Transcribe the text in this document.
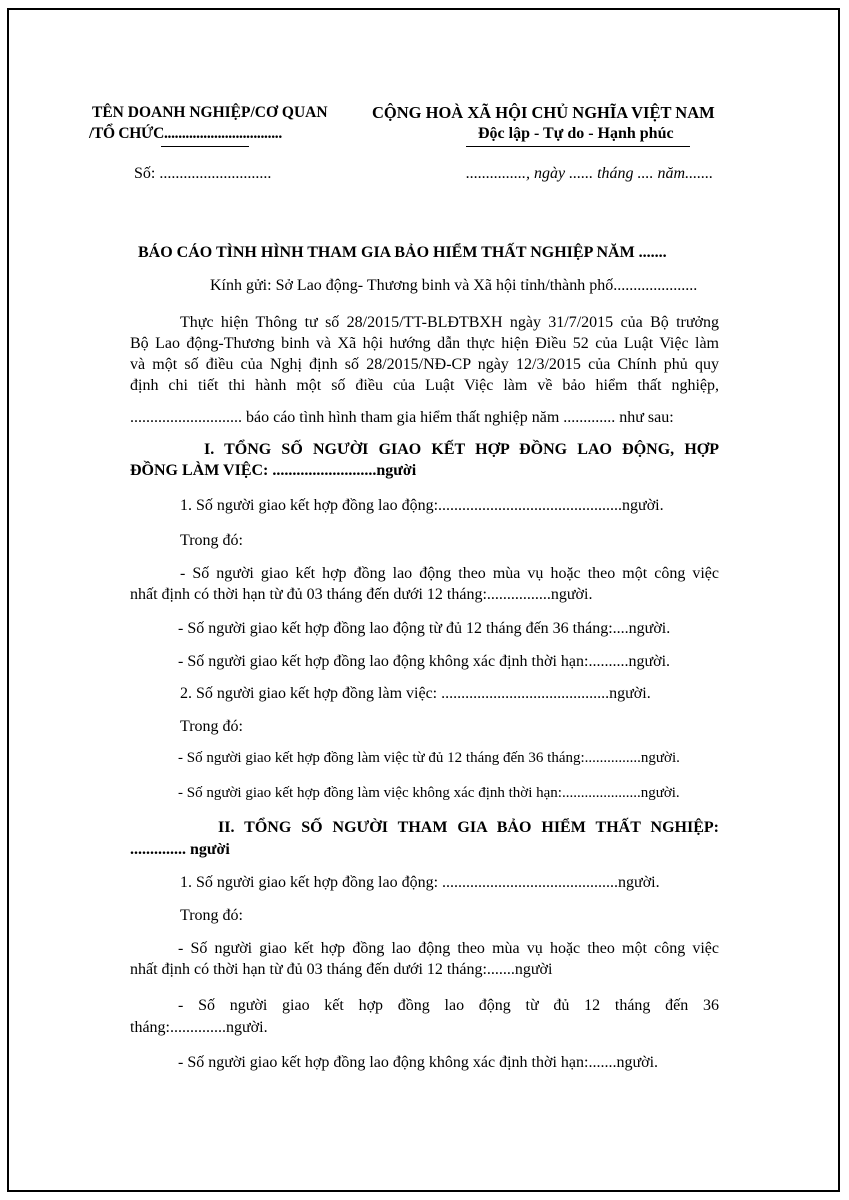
TÊN DOANH NGHIỆP/CƠ QUAN
/TỔ CHỨC.................................
CỘNG HOÀ XÃ HỘI CHỦ NGHĨA VIỆT NAM
Độc lập - Tự do - Hạnh phúc
Số: ............................	..............., ngày ...... tháng .... năm.......
BÁO CÁO TÌNH HÌNH THAM GIA BẢO HIỂM THẤT NGHIỆP NĂM .......
Kính gửi: Sở Lao động- Thương binh và Xã hội tỉnh/thành phố.....................
Thực hiện Thông tư số 28/2015/TT-BLĐTBXH ngày 31/7/2015 của Bộ trưởng
Bộ Lao động-Thương binh và Xã hội hướng dẫn thực hiện Điều 52 của Luật Việc làm
và một số điều của Nghị định số 28/2015/NĐ-CP ngày 12/3/2015 của Chính phủ quy
định chi tiết thi hành một số điều của Luật Việc làm về bảo hiểm thất nghiệp,
............................ báo cáo tình hình tham gia hiểm thất nghiệp năm ............. như sau:
I. TỔNG SỐ NGƯỜI GIAO KẾT HỢP ĐỒNG LAO ĐỘNG, HỢP
ĐỒNG LÀM VIỆC: ..........................người
1. Số người giao kết hợp đồng lao động:..............................................người.
Trong đó:
- Số người giao kết hợp đồng lao động theo mùa vụ hoặc theo một công việc
nhất định có thời hạn từ đủ 03 tháng đến dưới 12 tháng:................người.
- Số người giao kết hợp đồng lao động từ đủ 12 tháng đến 36 tháng:....người.
- Số người giao kết hợp đồng lao động không xác định thời hạn:..........người.
2. Số người giao kết hợp đồng làm việc: ..........................................người.
Trong đó:
- Số người giao kết hợp đồng làm việc từ đủ 12 tháng đến 36 tháng:...............người.
- Số người giao kết hợp đồng làm việc không xác định thời hạn:.....................người.
II. TỔNG SỐ NGƯỜI THAM GIA BẢO HIỂM THẤT NGHIỆP:
.............. người
1. Số người giao kết hợp đồng lao động: ............................................người.
Trong đó:
- Số người giao kết hợp đồng lao động theo mùa vụ hoặc theo một công việc
nhất định có thời hạn từ đủ 03 tháng đến dưới 12 tháng:.......người
- Số người giao kết hợp đồng lao động từ đủ 12 tháng đến 36
tháng:..............người.
- Số người giao kết hợp đồng lao động không xác định thời hạn:.......người.
